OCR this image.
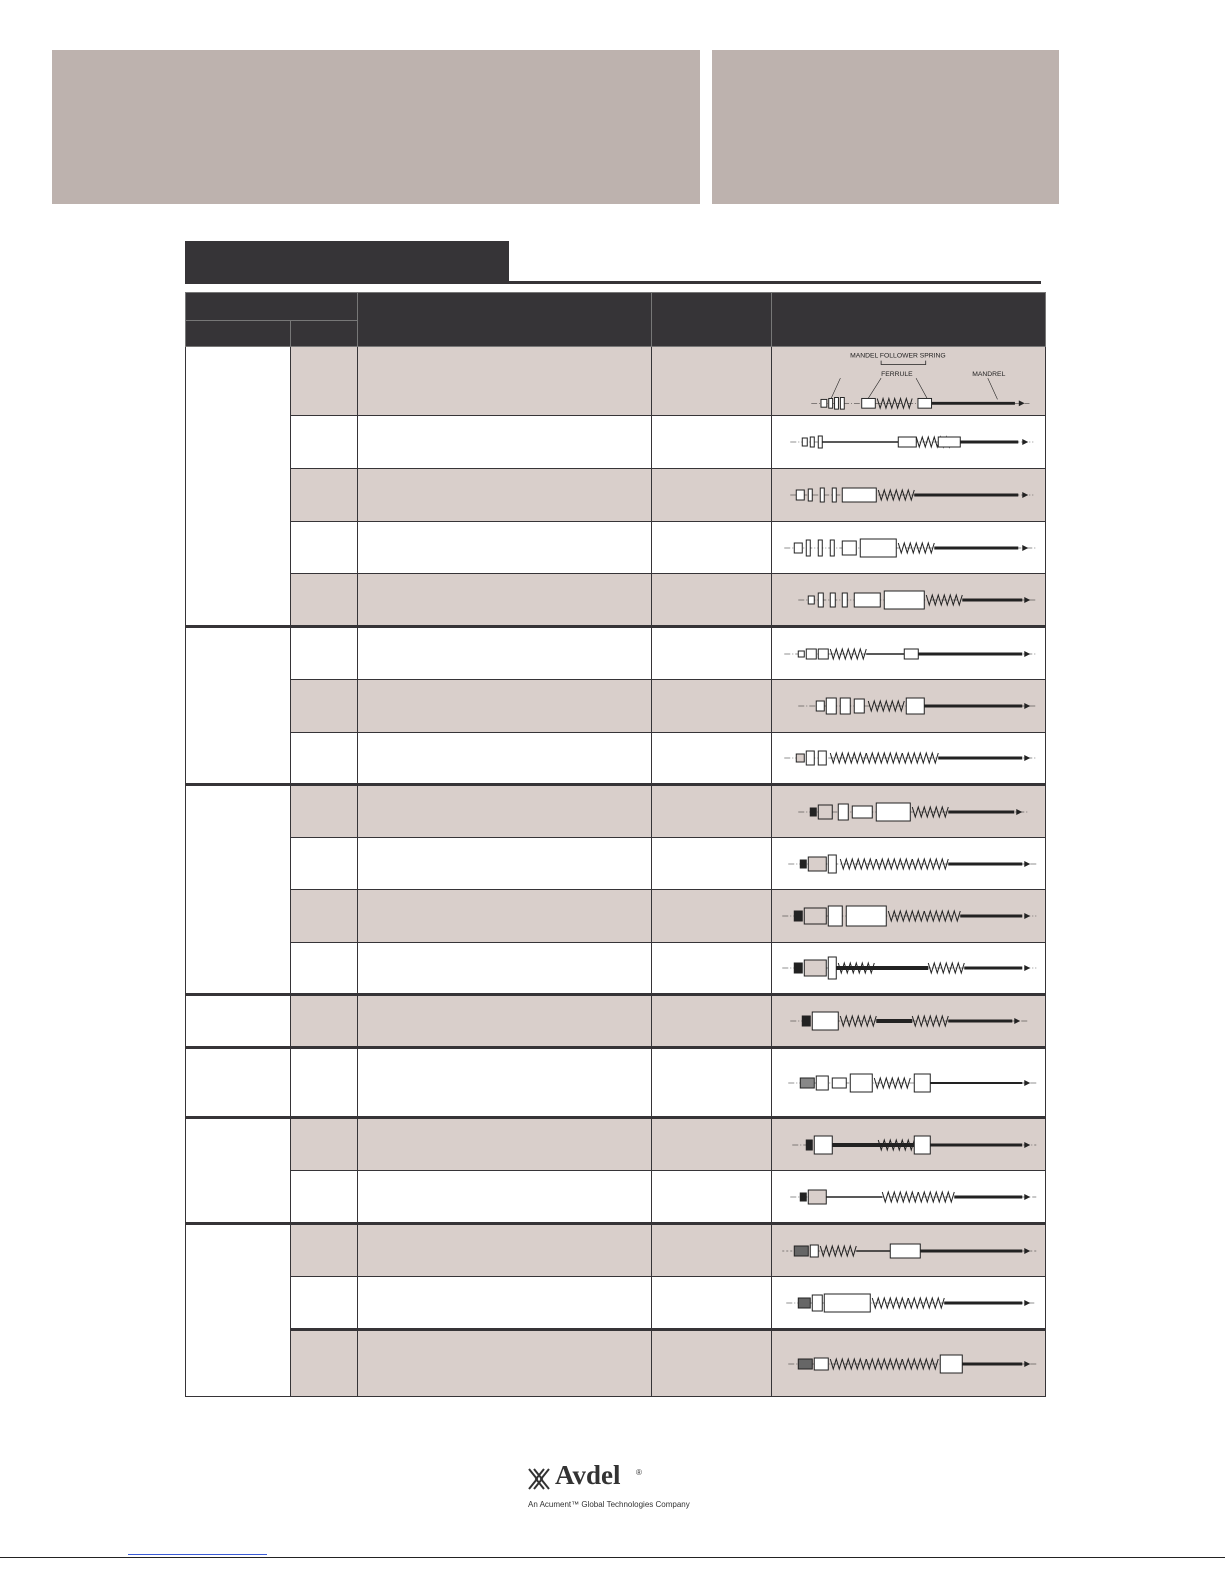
MANDEL FOLLOWER SPRING
FERRULE MANDREL

Avdel ®
An Acument™ Global Technologies Company
